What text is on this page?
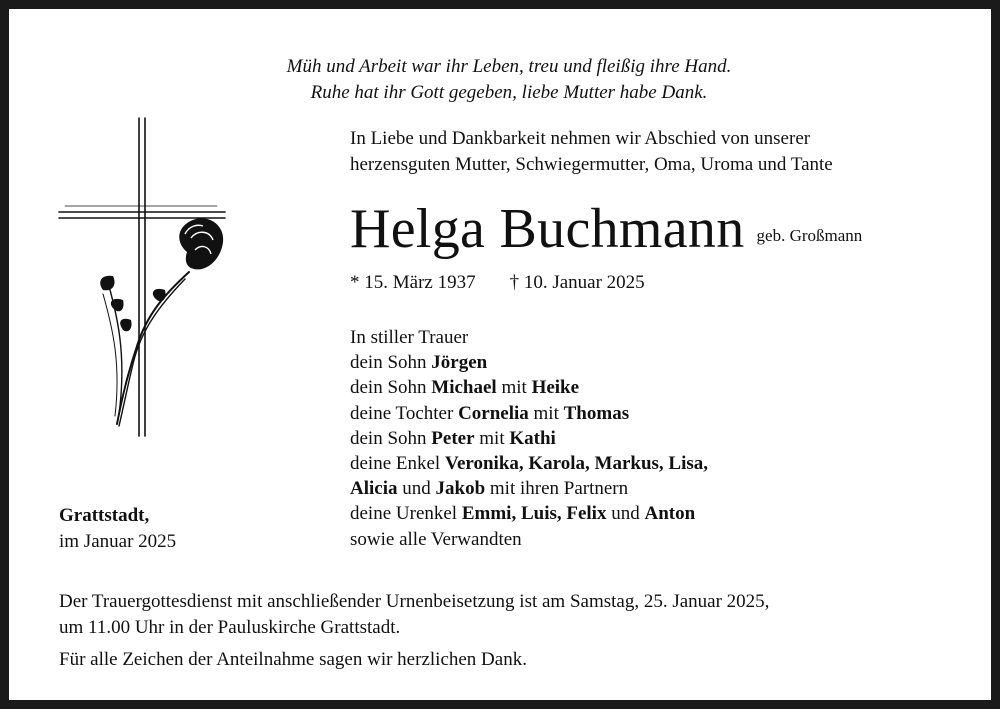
Müh und Arbeit war ihr Leben, treu und fleißig ihre Hand.
Ruhe hat ihr Gott gegeben, liebe Mutter habe Dank.
In Liebe und Dankbarkeit nehmen wir Abschied von unserer
herzensguten Mutter, Schwiegermutter, Oma, Uroma und Tante
Helga Buchmann geb. Großmann
* 15. März 1937 † 10. Januar 2025
In stiller Trauer
dein Sohn Jörgen
dein Sohn Michael mit Heike
deine Tochter Cornelia mit Thomas
dein Sohn Peter mit Kathi
deine Enkel Veronika, Karola, Markus, Lisa,
Alicia und Jakob mit ihren Partnern
deine Urenkel Emmi, Luis, Felix und Anton
sowie alle Verwandten
Grattstadt,
im Januar 2025
Der Trauergottesdienst mit anschließender Urnenbeisetzung ist am Samstag, 25. Januar 2025,
um 11.00 Uhr in der Pauluskirche Grattstadt.
Für alle Zeichen der Anteilnahme sagen wir herzlichen Dank.
